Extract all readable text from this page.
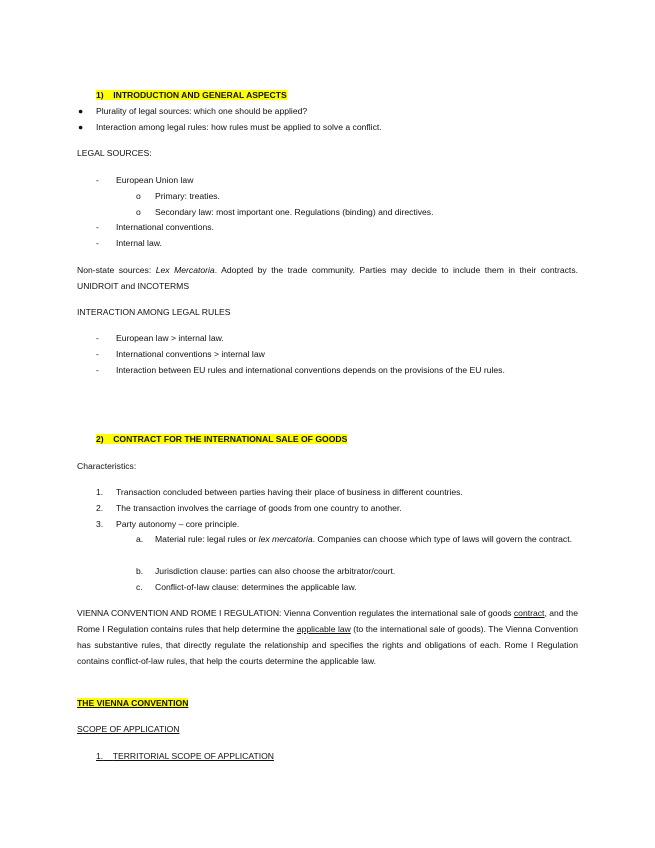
1) INTRODUCTION AND GENERAL ASPECTS
● Plurality of legal sources: which one should be applied?
● Interaction among legal rules: how rules must be applied to solve a conflict.
LEGAL SOURCES:
- European Union law
o Primary: treaties.
o Secondary law: most important one. Regulations (binding) and directives.
- International conventions.
- Internal law.
Non-state sources: Lex Mercatoria. Adopted by the trade community. Parties may decide to include them in their contracts. UNIDROIT and INCOTERMS
INTERACTION AMONG LEGAL RULES
- European law > internal law.
- International conventions > internal law
- Interaction between EU rules and international conventions depends on the provisions of the EU rules.
2) CONTRACT FOR THE INTERNATIONAL SALE OF GOODS
Characteristics:
1. Transaction concluded between parties having their place of business in different countries.
2. The transaction involves the carriage of goods from one country to another.
3. Party autonomy – core principle.
a. Material rule: legal rules or lex mercatoria. Companies can choose which type of laws will govern the contract.
b. Jurisdiction clause: parties can also choose the arbitrator/court.
c. Conflict-of-law clause: determines the applicable law.
VIENNA CONVENTION AND ROME I REGULATION: Vienna Convention regulates the international sale of goods contract, and the Rome I Regulation contains rules that help determine the applicable law (to the international sale of goods). The Vienna Convention has substantive rules, that directly regulate the relationship and specifies the rights and obligations of each. Rome I Regulation contains conflict-of-law rules, that help the courts determine the applicable law.
THE VIENNA CONVENTION
SCOPE OF APPLICATION
1. TERRITORIAL SCOPE OF APPLICATION
